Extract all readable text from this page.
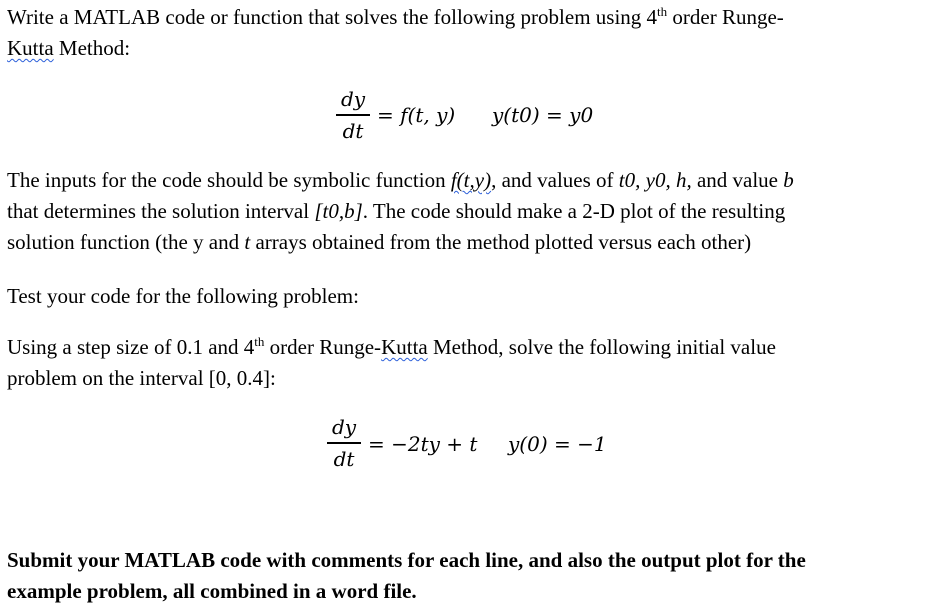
Write a MATLAB code or function that solves the following problem using 4th order Runge-
Kutta Method:
dy
dt
= f(t, y) y(t0) = y0
The inputs for the code should be symbolic function f(t,y), and values of t0, y0, h, and value b
that determines the solution interval [t0,b]. The code should make a 2-D plot of the resulting
solution function (the y and t arrays obtained from the method plotted versus each other)
Test your code for the following problem:
Using a step size of 0.1 and 4th order Runge-Kutta Method, solve the following initial value
problem on the interval [0, 0.4]:
dy
dt
= −2ty + t y(0) = −1
Submit your MATLAB code with comments for each line, and also the output plot for the
example problem, all combined in a word file.
